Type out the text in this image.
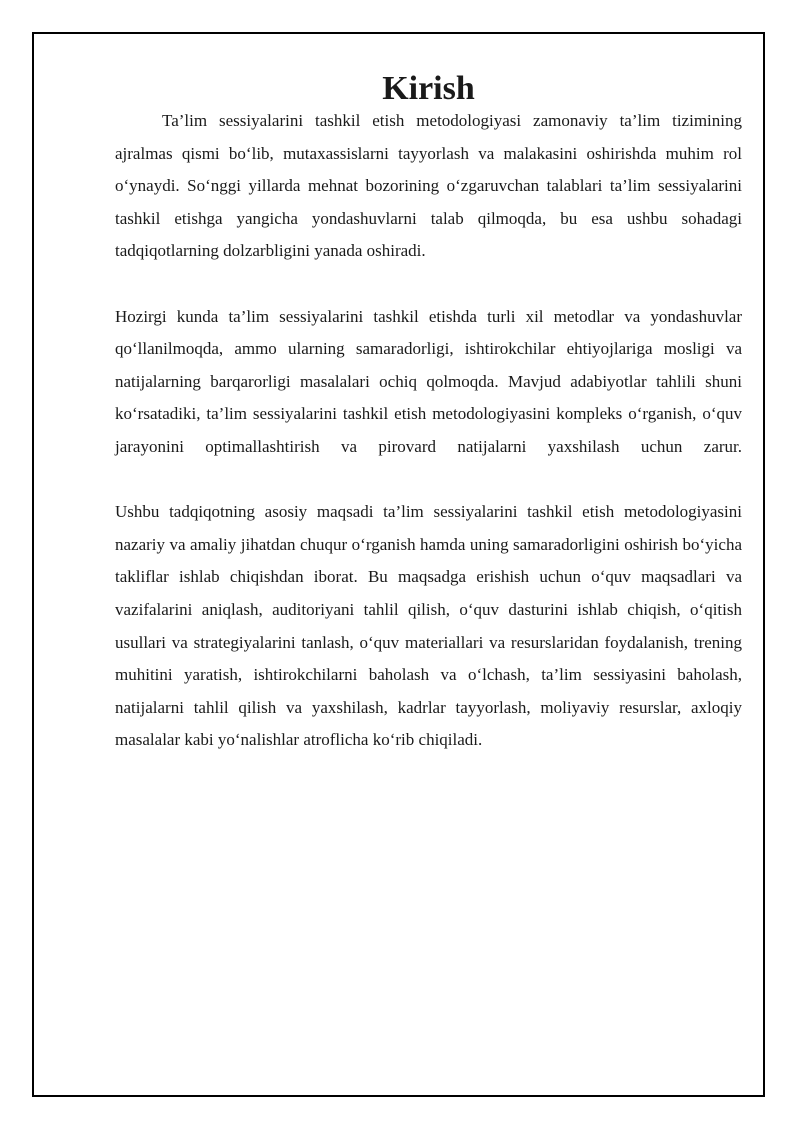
Kirish

Ta’lim sessiyalarini tashkil etish metodologiyasi zamonaviy ta’lim tizimining ajralmas qismi bo‘lib, mutaxassislarni tayyorlash va malakasini oshirishda muhim rol o‘ynaydi. So‘nggi yillarda mehnat bozorining o‘zgaruvchan talablari ta’lim sessiyalarini tashkil etishga yangicha yondashuvlarni talab qilmoqda, bu esa ushbu sohadagi tadqiqotlarning dolzarbligini yanada oshiradi.

Hozirgi kunda ta’lim sessiyalarini tashkil etishda turli xil metodlar va yondashuvlar qo‘llanilmoqda, ammo ularning samaradorligi, ishtirokchilar ehtiyojlariga mosligi va natijalarning barqarorligi masalalari ochiq qolmoqda. Mavjud adabiyotlar tahlili shuni ko‘rsatadiki, ta’lim sessiyalarini tashkil etish metodologiyasini kompleks o‘rganish, o‘quv jarayonini optimallashtirish va pirovard natijalarni yaxshilash uchun zarur.

Ushbu tadqiqotning asosiy maqsadi ta’lim sessiyalarini tashkil etish metodologiyasini nazariy va amaliy jihatdan chuqur o‘rganish hamda uning samaradorligini oshirish bo‘yicha takliflar ishlab chiqishdan iborat. Bu maqsadga erishish uchun o‘quv maqsadlari va vazifalarini aniqlash, auditoriyani tahlil qilish, o‘quv dasturini ishlab chiqish, o‘qitish usullari va strategiyalarini tanlash, o‘quv materiallari va resurslaridan foydalanish, trening muhitini yaratish, ishtirokchilarni baholash va o‘lchash, ta’lim sessiyasini baholash, natijalarni tahlil qilish va yaxshilash, kadrlar tayyorlash, moliyaviy resurslar, axloqiy masalalar kabi yo‘nalishlar atroflicha ko‘rib chiqiladi.
